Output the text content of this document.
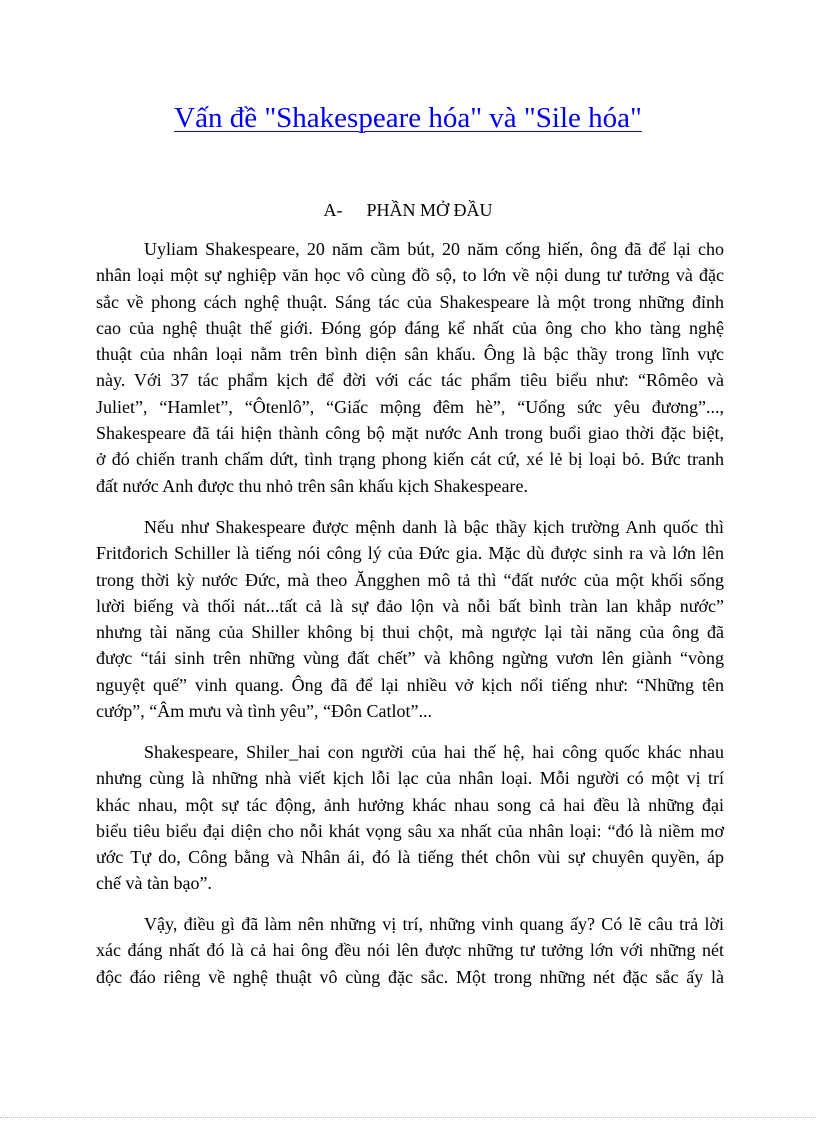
Vấn đề "Shakespeare hóa" và "Sile hóa"
A- PHẦN MỞ ĐẦU
Uyliam Shakespeare, 20 năm cầm bút, 20 năm cống hiến, ông đã để lại cho
nhân loại một sự nghiệp văn học vô cùng đồ sộ, to lớn về nội dung tư tưởng và đặc
sắc về phong cách nghệ thuật. Sáng tác của Shakespeare là một trong những đỉnh
cao của nghệ thuật thế giới. Đóng góp đáng kể nhất của ông cho kho tàng nghệ
thuật của nhân loại nằm trên bình diện sân khấu. Ông là bậc thầy trong lĩnh vực
này. Với 37 tác phẩm kịch để đời với các tác phẩm tiêu biểu như: “Rômêo và
Juliet”, “Hamlet”, “Ôtenlô”, “Giấc mộng đêm hè”, “Uổng sức yêu đương”...,
Shakespeare đã tái hiện thành công bộ mặt nước Anh trong buổi giao thời đặc biệt,
ở đó chiến tranh chấm dứt, tình trạng phong kiến cát cứ, xé lẻ bị loại bỏ. Bức tranh
đất nước Anh được thu nhỏ trên sân khấu kịch Shakespeare.
Nếu như Shakespeare được mệnh danh là bậc thầy kịch trường Anh quốc thì
Fritđorich Schiller là tiếng nói công lý của Đức gia. Mặc dù được sinh ra và lớn lên
trong thời kỳ nước Đức, mà theo Ăngghen mô tả thì “đất nước của một khối sống
lười biếng và thối nát...tất cả là sự đảo lộn và nỗi bất bình tràn lan khắp nước”
nhưng tài năng của Shiller không bị thui chột, mà ngược lại tài năng của ông đã
được “tái sinh trên những vùng đất chết” và không ngừng vươn lên giành “vòng
nguyệt quế” vinh quang. Ông đã để lại nhiều vở kịch nổi tiếng như: “Những tên
cướp”, “Âm mưu và tình yêu”, “Đôn Catlot”...
Shakespeare, Shiler_hai con người của hai thế hệ, hai công quốc khác nhau
nhưng cùng là những nhà viết kịch lỗi lạc của nhân loại. Mỗi người có một vị trí
khác nhau, một sự tác động, ảnh hưởng khác nhau song cả hai đều là những đại
biểu tiêu biểu đại diện cho nỗi khát vọng sâu xa nhất của nhân loại: “đó là niềm mơ
ước Tự do, Công bằng và Nhân ái, đó là tiếng thét chôn vùi sự chuyên quyền, áp
chế và tàn bạo”.
Vậy, điều gì đã làm nên những vị trí, những vinh quang ấy? Có lẽ câu trả lời
xác đáng nhất đó là cả hai ông đều nói lên được những tư tưởng lớn với những nét
độc đáo riêng về nghệ thuật vô cùng đặc sắc. Một trong những nét đặc sắc ấy là
